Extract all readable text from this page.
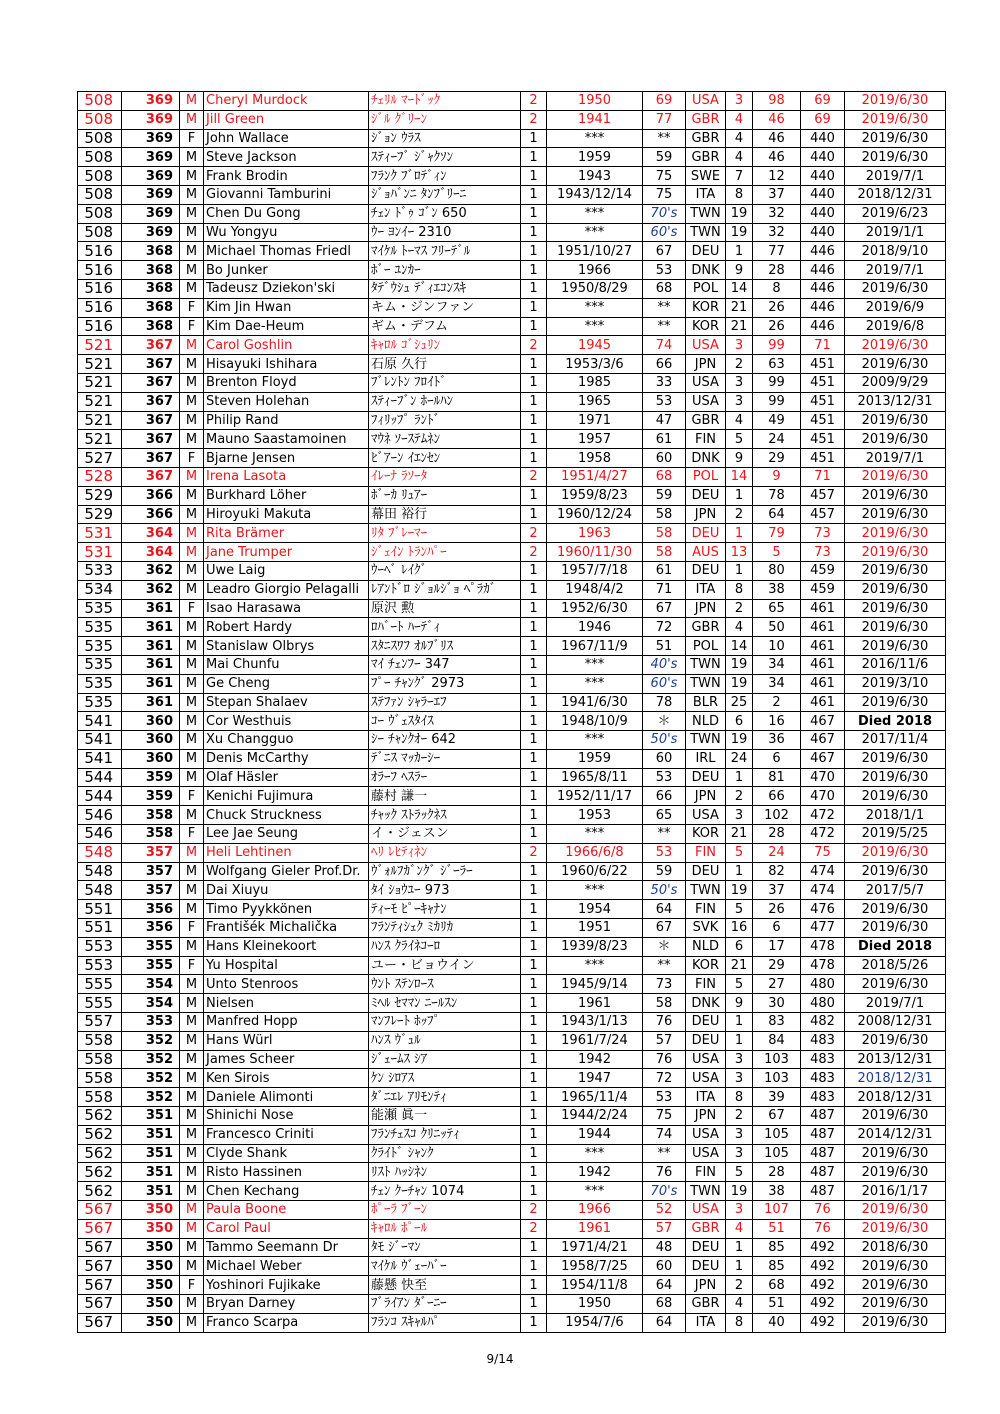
508	369	M	Cheryl Murdock	ﾁｪﾘﾙ ﾏｰﾄﾞｯｸ	2	1950	69	USA	3	98	69	2019/6/30
508	369	M	Jill Green	ｼﾞﾙ ｸﾞﾘｰﾝ	2	1941	77	GBR	4	46	69	2019/6/30
508	369	F	John Wallace	ｼﾞｮﾝ ｳﾗｽ	1	***	**	GBR	4	46	440	2019/6/30
508	369	M	Steve Jackson	ｽﾃｨｰﾌﾞ ｼﾞｬｸｿﾝ	1	1959	59	GBR	4	46	440	2019/6/30
508	369	M	Frank Brodin	ﾌﾗﾝｸ ﾌﾞﾛﾃﾞｨﾝ	1	1943	75	SWE	7	12	440	2019/7/1
508	369	M	Giovanni Tamburini	ｼﾞｮﾊﾞﾝﾆ ﾀﾝﾌﾞﾘｰﾆ	1	1943/12/14	75	ITA	8	37	440	2018/12/31
508	369	M	Chen Du Gong	ﾁｪﾝ ﾄﾞｩ ｺﾞﾝ 650	1	***	70's	TWN	19	32	440	2019/6/23
508	369	M	Wu Yongyu	ｳｰ ﾖﾝｲｰ 2310	1	***	60's	TWN	19	32	440	2019/1/1
516	368	M	Michael Thomas Friedl	ﾏｲｹﾙ ﾄｰﾏｽ ﾌﾘｰﾃﾞﾙ	1	1951/10/27	67	DEU	1	77	446	2018/9/10
516	368	M	Bo Junker	ﾎﾞｰ ﾕﾝｶｰ	1	1966	53	DNK	9	28	446	2019/7/1
516	368	M	Tadeusz Dziekon'ski	ﾀﾃﾞｳｼｭ ﾃﾞｨｴｺﾝｽｷ	1	1950/8/29	68	POL	14	8	446	2019/6/30
516	368	F	Kim Jin Hwan	キム・ジンファン	1	***	**	KOR	21	26	446	2019/6/9
516	368	F	Kim Dae-Heum	ギム・デフム	1	***	**	KOR	21	26	446	2019/6/8
521	367	M	Carol Goshlin	ｷｬﾛﾙ ｺﾞｼｭﾘﾝ	2	1945	74	USA	3	99	71	2019/6/30
521	367	M	Hisayuki Ishihara	石原 久行	1	1953/3/6	66	JPN	2	63	451	2019/6/30
521	367	M	Brenton Floyd	ﾌﾞﾚﾝﾄﾝ ﾌﾛｲﾄﾞ	1	1985	33	USA	3	99	451	2009/9/29
521	367	M	Steven Holehan	ｽﾃｨｰﾌﾞﾝ ﾎｰﾙﾊﾝ	1	1965	53	USA	3	99	451	2013/12/31
521	367	M	Philip Rand	ﾌｨﾘｯﾌﾟ ﾗﾝﾄﾞ	1	1971	47	GBR	4	49	451	2019/6/30
521	367	M	Mauno Saastamoinen	ﾏｳﾈ ｿｰｽﾃﾑﾈﾝ	1	1957	61	FIN	5	24	451	2019/6/30
527	367	F	Bjarne Jensen	ﾋﾞｱｰﾝ ｲｴﾝｾﾝ	1	1958	60	DNK	9	29	451	2019/7/1
528	367	M	Irena Lasota	ｲﾚｰﾅ ﾗｿｰﾀ	2	1951/4/27	68	POL	14	9	71	2019/6/30
529	366	M	Burkhard Löher	ﾎﾞｰｶ ﾘｭｱｰ	1	1959/8/23	59	DEU	1	78	457	2019/6/30
529	366	M	Hiroyuki Makuta	幕田 裕行	1	1960/12/24	58	JPN	2	64	457	2019/6/30
531	364	M	Rita Brämer	ﾘﾀ ﾌﾞﾚｰﾏｰ	2	1963	58	DEU	1	79	73	2019/6/30
531	364	M	Jane Trumper	ｼﾞｪｲﾝ ﾄﾗﾝﾊﾟｰ	2	1960/11/30	58	AUS	13	5	73	2019/6/30
533	362	M	Uwe Laig	ｳｰﾍﾞ ﾚｲｸﾞ	1	1957/7/18	61	DEU	1	80	459	2019/6/30
534	362	M	Leadro Giorgio Pelagalli	ﾚｱﾝﾄﾞﾛ ｼﾞｮﾙｼﾞｮ ﾍﾟﾗｶﾞ	1	1948/4/2	71	ITA	8	38	459	2019/6/30
535	361	F	Isao Harasawa	原沢 勲	1	1952/6/30	67	JPN	2	65	461	2019/6/30
535	361	M	Robert Hardy	ﾛﾊﾞｰﾄ ﾊｰﾃﾞｨ	1	1946	72	GBR	4	50	461	2019/6/30
535	361	M	Stanislaw Olbrys	ｽﾀﾆｽﾜﾌ ｵﾙﾌﾞﾘｽ	1	1967/11/9	51	POL	14	10	461	2019/6/30
535	361	M	Mai Chunfu	ﾏｲ ﾁｪﾝﾌｰ 347	1	***	40's	TWN	19	34	461	2016/11/6
535	361	M	Ge Cheng	ﾌﾟｰ ﾁｬﾝｸﾞ 2973	1	***	60's	TWN	19	34	461	2019/3/10
535	361	M	Stepan Shalaev	ｽﾃﾌｧﾝ ｼｬﾗｰｴﾌ	1	1941/6/30	78	BLR	25	2	461	2019/6/30
541	360	M	Cor Westhuis	ｺｰ ｳﾞｪｽﾀｲｽ	1	1948/10/9	＊	NLD	6	16	467	Died 2018
541	360	M	Xu Changguo	ｼｰ ﾁｬﾝｸｵｰ 642	1	***	50's	TWN	19	36	467	2017/11/4
541	360	M	Denis McCarthy	ﾃﾞﾆｽ ﾏｯｶｰｼｰ	1	1959	60	IRL	24	6	467	2019/6/30
544	359	M	Olaf Häsler	ｵﾗｰﾌ ﾍｽﾗｰ	1	1965/8/11	53	DEU	1	81	470	2019/6/30
544	359	F	Kenichi Fujimura	藤村 謙一	1	1952/11/17	66	JPN	2	66	470	2019/6/30
546	358	M	Chuck Struckness	ﾁｬｯｸ ｽﾄﾗｯｸﾈｽ	1	1953	65	USA	3	102	472	2018/1/1
546	358	F	Lee Jae Seung	イ・ジェスン	1	***	**	KOR	21	28	472	2019/5/25
548	357	M	Heli Lehtinen	ﾍﾘ ﾚﾋﾃｨﾈﾝ	2	1966/6/8	53	FIN	5	24	75	2019/6/30
548	357	M	Wolfgang Gieler Prof.Dr.	ｳﾞｫﾙﾌｶﾞﾝｸﾞ ｼﾞｰﾗｰ	1	1960/6/22	59	DEU	1	82	474	2019/6/30
548	357	M	Dai Xiuyu	ﾀｲ ｼｮｳﾕｰ 973	1	***	50's	TWN	19	37	474	2017/5/7
551	356	M	Timo Pyykkönen	ﾃｨｰﾓ ﾋﾟｰｷｬﾅﾝ	1	1954	64	FIN	5	26	476	2019/6/30
551	356	F	Františék Michalička	ﾌﾗﾝﾃｨｼｪｸ ﾐｶﾘｶ	1	1951	67	SVK	16	6	477	2019/6/30
553	355	M	Hans Kleinekoort	ﾊﾝｽ ｸﾗｲﾈｺｰﾛ	1	1939/8/23	＊	NLD	6	17	478	Died 2018
553	355	F	Yu Hospital	ユー・ビョウイン	1	***	**	KOR	21	29	478	2018/5/26
555	354	M	Unto Stenroos	ｳﾝﾄ ｽﾃﾝﾛｰｽ	1	1945/9/14	73	FIN	5	27	480	2019/6/30
555	354	M	Nielsen	ﾐﾍﾙ ｾﾏﾏﾝ ﾆｰﾙｽﾝ	1	1961	58	DNK	9	30	480	2019/7/1
557	353	M	Manfred Hopp	ﾏﾝﾌﾚｰﾄ ﾎｯﾌﾟ	1	1943/1/13	76	DEU	1	83	482	2008/12/31
558	352	M	Hans Würl	ﾊﾝｽ ｳﾞｭﾙ	1	1961/7/24	57	DEU	1	84	483	2019/6/30
558	352	M	James Scheer	ｼﾞｪｰﾑｽ ｼｱ	1	1942	76	USA	3	103	483	2013/12/31
558	352	M	Ken Sirois	ｹﾝ ｼﾛｱｽ	1	1947	72	USA	3	103	483	2018/12/31
558	352	M	Daniele Alimonti	ﾀﾞﾆｴﾚ ｱﾘﾓﾝﾃｨ	1	1965/11/4	53	ITA	8	39	483	2018/12/31
562	351	M	Shinichi Nose	能瀬 眞一	1	1944/2/24	75	JPN	2	67	487	2019/6/30
562	351	M	Francesco Criniti	ﾌﾗﾝﾁｪｽｺ ｸﾘﾆｯﾃｨ	1	1944	74	USA	3	105	487	2014/12/31
562	351	M	Clyde Shank	ｸﾗｲﾄﾞ ｼｬﾝｸ	1	***	**	USA	3	105	487	2019/6/30
562	351	M	Risto Hassinen	ﾘｽﾄ ﾊｯｼﾈﾝ	1	1942	76	FIN	5	28	487	2019/6/30
562	351	M	Chen Kechang	ﾁｪﾝ ｸｰﾁｬﾝ 1074	1	***	70's	TWN	19	38	487	2016/1/17
567	350	M	Paula Boone	ﾎﾟｰﾗ ﾌﾞｰﾝ	2	1966	52	USA	3	107	76	2019/6/30
567	350	M	Carol Paul	ｷｬﾛﾙ ﾎﾟｰﾙ	2	1961	57	GBR	4	51	76	2019/6/30
567	350	M	Tammo Seemann Dr	ﾀﾓ ｼﾞｰﾏﾝ	1	1971/4/21	48	DEU	1	85	492	2018/6/30
567	350	M	Michael Weber	ﾏｲｹﾙ ｳﾞｪｰﾊﾞｰ	1	1958/7/25	60	DEU	1	85	492	2019/6/30
567	350	F	Yoshinori Fujikake	藤懸 快至	1	1954/11/8	64	JPN	2	68	492	2019/6/30
567	350	M	Bryan Darney	ﾌﾞﾗｲｱﾝ ﾀﾞｰﾆｰ	1	1950	68	GBR	4	51	492	2019/6/30
567	350	M	Franco Scarpa	ﾌﾗﾝｺ ｽｷｬﾙﾊﾟ	1	1954/7/6	64	ITA	8	40	492	2019/6/30
9/14
